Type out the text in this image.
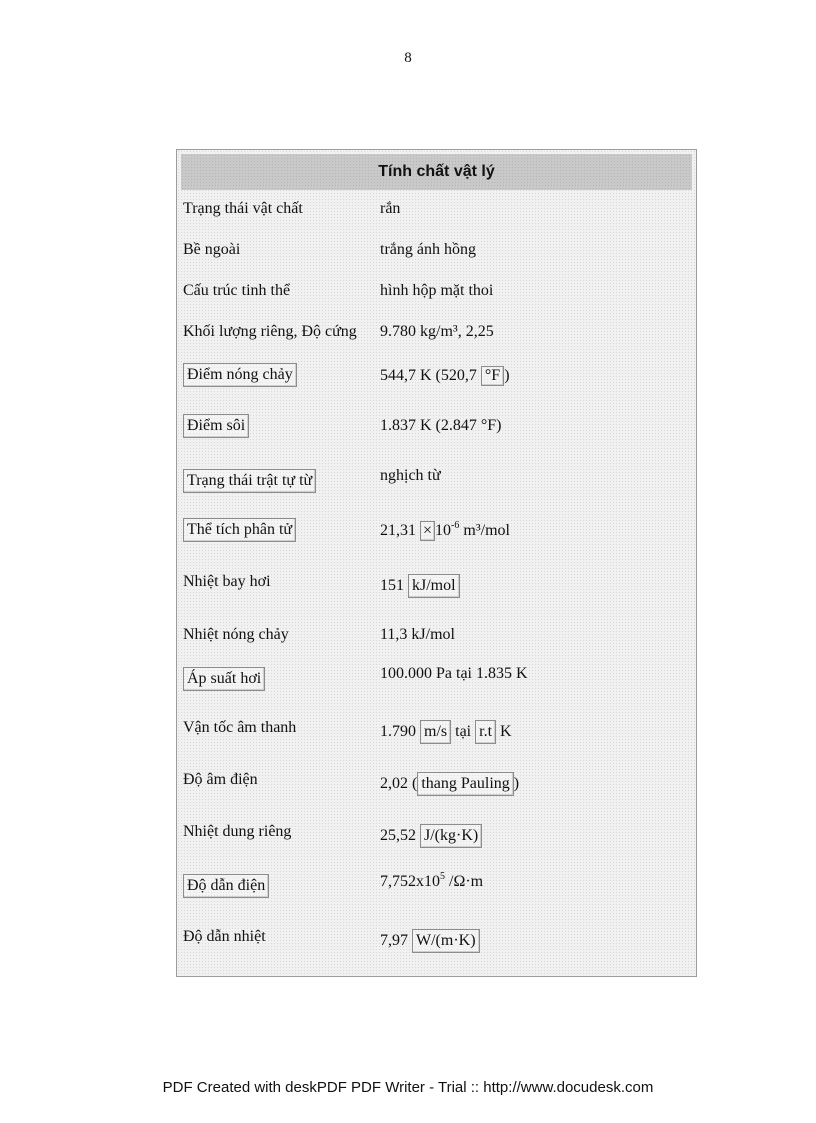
8
Tính chất vật lý
Trạng thái vật chất	rắn
Bề ngoài	trắng ánh hồng
Cấu trúc tinh thể	hình hộp mặt thoi
Khối lượng riêng, Độ cứng 9.780 kg/m³, 2,25
Điểm nóng chảy	544,7 K (520,7 °F )
Điểm sôi	1.837 K (2.847 °F)
Trạng thái trật tự từ	nghịch từ
Thể tích phân tử	$21,31 \times 10^{-6}$ m³/mol
Nhiệt bay hơi	151 kJ/mol
Nhiệt nóng chảy	11,3 kJ/mol
Áp suất hơi	100.000 Pa tại 1.835 K
Vận tốc âm thanh	1.790 m/s tại r.t K
Độ âm điện	2,02 ( thang Pauling )
Nhiệt dung riêng	25,52 J/(kg·K)
Độ dẫn điện	$7,752x10^5$ /Ω·m
Độ dẫn nhiệt	7,97 W/(m·K)
PDF Created with deskPDF PDF Writer - Trial :: http://www.docudesk.com
